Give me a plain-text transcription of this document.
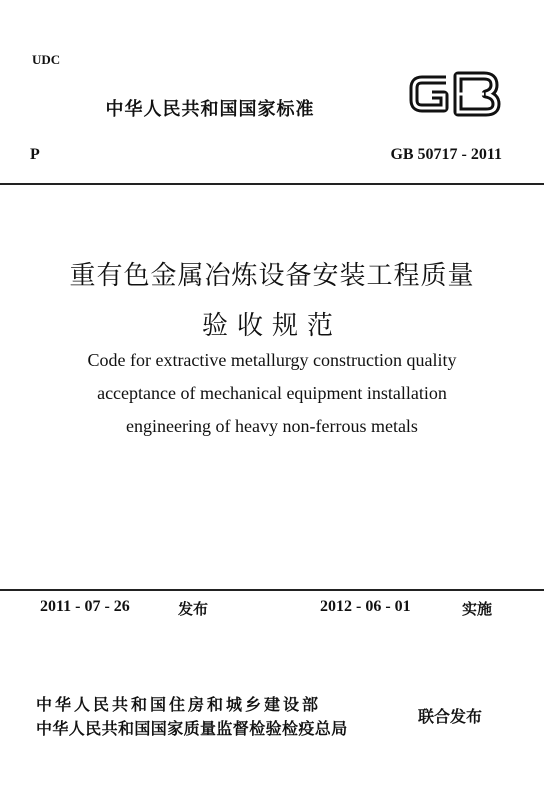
UDC
中华人民共和国国家标准
P	GB 50717 - 2011
重有色金属冶炼设备安装工程质量
验收规范
Code for extractive metallurgy construction quality
acceptance of mechanical equipment installation
engineering of heavy non-ferrous metals
2011 - 07 - 26	发布	2012 - 06 - 01	实施
中华人民共和国住房和城乡建设部
中华人民共和国国家质量监督检验检疫总局
联合发布
